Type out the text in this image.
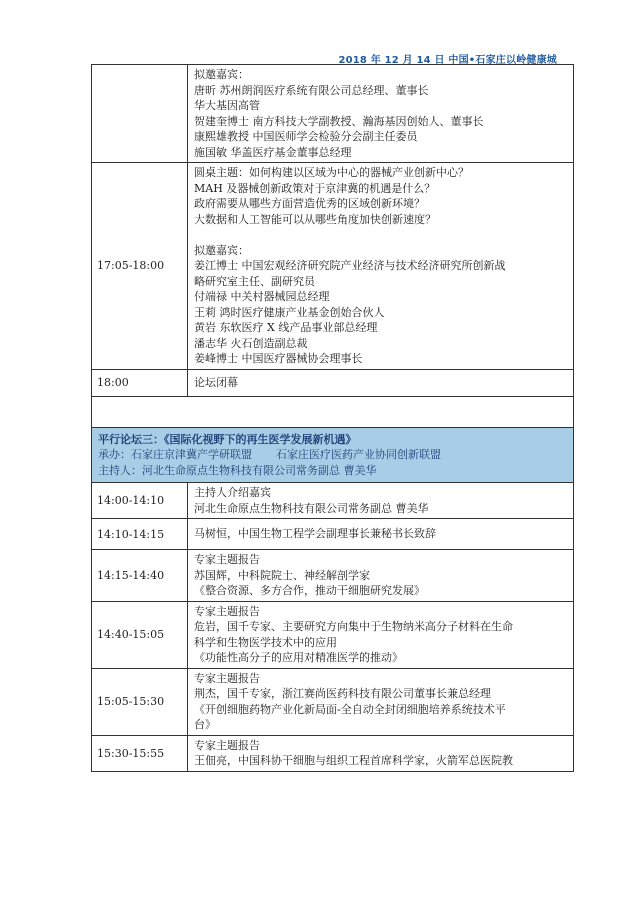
2018 年 12 月 14 日 中国•石家庄以岭健康城
拟邀嘉宾：
唐昕 苏州朗润医疗系统有限公司总经理、董事长
华大基因高管
贺建奎博士 南方科技大学副教授、瀚海基因创始人、董事长
康熙雄教授 中国医师学会检验分会副主任委员
施国敏 华盖医疗基金董事总经理
17:05-18:00
圆桌主题：如何构建以区域为中心的器械产业创新中心？
MAH 及器械创新政策对于京津冀的机遇是什么？
政府需要从哪些方面营造优秀的区域创新环境？
大数据和人工智能可以从哪些角度加快创新速度？
拟邀嘉宾：
姜江博士 中国宏观经济研究院产业经济与技术经济研究所创新战
略研究室主任、副研究员
付端禄 中关村器械园总经理
王莉 鸿时医疗健康产业基金创始合伙人
黄岩 东软医疗 X 线产品事业部总经理
潘志华 火石创造副总裁
姜峰博士 中国医疗器械协会理事长
18:00	论坛闭幕
平行论坛三：《国际化视野下的再生医学发展新机遇》
承办：石家庄京津冀产学研联盟 石家庄医疗医药产业协同创新联盟
主持人：河北生命原点生物科技有限公司常务副总 曹美华
14:00-14:10
主持人介绍嘉宾
河北生命原点生物科技有限公司常务副总 曹美华
14:10-14:15	马树恒，中国生物工程学会副理事长兼秘书长致辞
14:15-14:40
专家主题报告
苏国辉，中科院院士、神经解剖学家
《整合资源、多方合作，推动干细胞研究发展》
14:40-15:05
专家主题报告
危岩，国千专家、主要研究方向集中于生物纳米高分子材料在生命
科学和生物医学技术中的应用
《功能性高分子的应用对精准医学的推动》
15:05-15:30
专家主题报告
荆杰，国千专家，浙江赛尚医药科技有限公司董事长兼总经理
《开创细胞药物产业化新局面-全自动全封闭细胞培养系统技术平
台》
15:30-15:55
专家主题报告
王佃亮，中国科协干细胞与组织工程首席科学家，火箭军总医院教
